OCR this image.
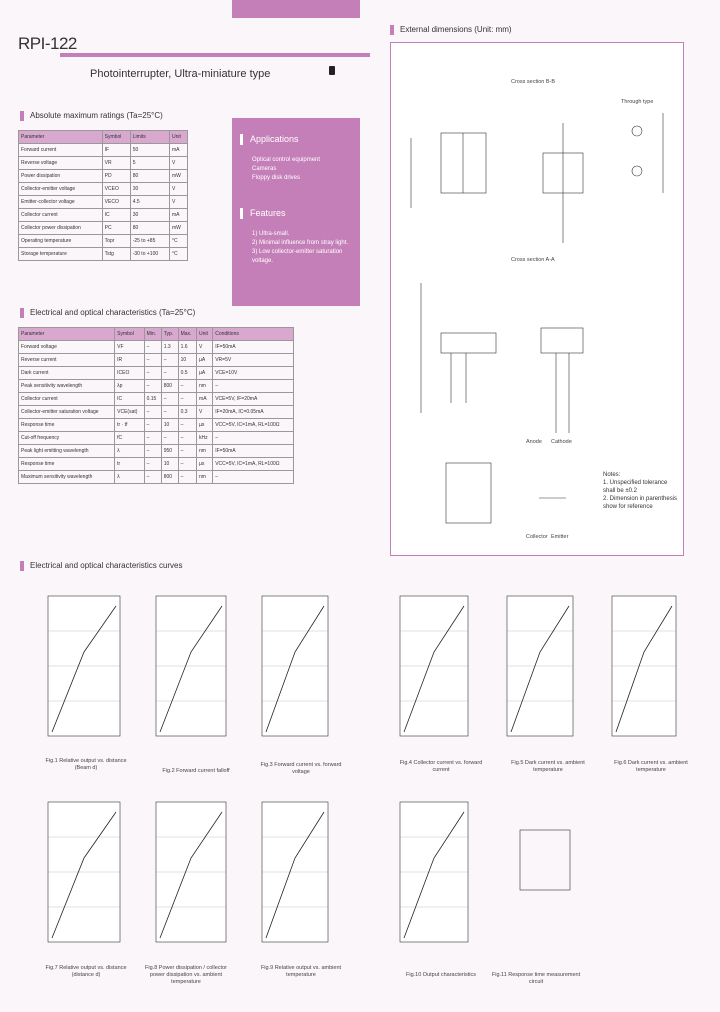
RPI-122
Photointerrupter, Ultra-miniature type
Absolute maximum ratings (Ta=25°C)
Parameter	Symbol	Limits	Unit
Forward current	IF	50	mA
Reverse voltage	VR	5	V
Power dissipation	PD	80	mW
Collector-emitter voltage	VCEO	30	V
Emitter-collector voltage	VECO	4.5	V
Collector current	IC	30	mA
Collector power dissipation	PC	80	mW
Operating temperature	Topr	-25 to +85	°C
Storage temperature	Tstg	-30 to +100	°C
Applications
Optical control equipment
Cameras
Floppy disk drives
Features
1) Ultra-small.
2) Minimal influence from stray light.
3) Low collector-emitter saturation voltage.
Electrical and optical characteristics (Ta=25°C)
Parameter	Symbol	Min.	Typ.	Max.	Unit	Conditions
Forward voltage	VF	–	1.3	1.6	V	IF=50mA
Reverse current	IR	–	–	10	µA	VR=5V
Dark current	ICEO	–	–	0.5	µA	VCE=10V
Peak sensitivity wavelength	λp	–	800	–	nm	–
Collector current	IC	0.15	–	–	mA	VCE=5V, IF=20mA
Collector-emitter saturation voltage	VCE(sat)	–	–	0.3	V	IF=20mA, IC=0.05mA
Response time	tr · tf	–	10	–	µs	VCC=5V, IC=1mA, RL=100Ω
Cut-off frequency	fC	–	–	–	kHz	–
Peak light emitting wavelength	λ	–	950	–	nm	IF=50mA
Response time	tr	–	10	–	µs	VCC=5V, IC=1mA, RL=100Ω
Maximum sensitivity wavelength	λ	–	800	–	nm	–
External dimensions (Unit: mm)
Cross section B-B
Cross section A-A
Through type
Anode Cathode
Collector Emitter
Notes:
1. Unspecified tolerance
shall be ±0.2
2. Dimension in parenthesis
show for reference
Electrical and optical characteristics curves
Fig.1 Relative output vs. distance (Beam d)	Fig.2 Forward current falloff
Fig.3 Forward current vs. forward voltage
Fig.4 Collector current vs. forward current
Fig.5 Dark current vs. ambient temperature
Fig.6 Dark current vs. ambient temperature
Fig.7 Relative output vs. distance (distance d)
Fig.8 Power dissipation / collector power dissipation vs. ambient temperature
Fig.9 Relative output vs. ambient temperature	Fig.10 Output characteristics	Fig.11 Response time measurement circuit
